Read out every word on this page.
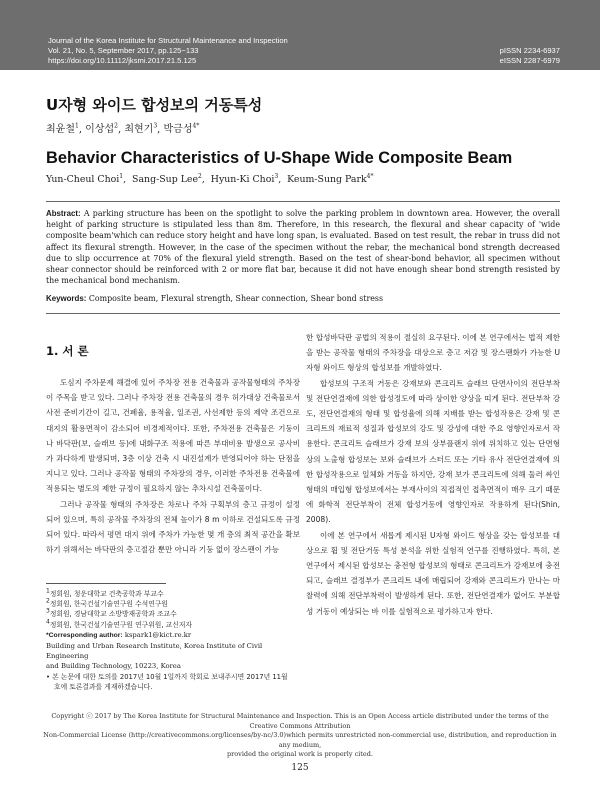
Journal of the Korea Institute for Structural Maintenance and Inspection
Vol. 21, No. 5, September 2017, pp.125~133
https://doi.org/10.11112/jksmi.2017.21.5.125
pISSN 2234-6937
eISSN 2287-6979
U자형 와이드 합성보의 거동특성
최윤철$^1$, 이상섭$^2$, 최현기$^3$, 박금성$^{4*}$
Behavior Characteristics of U-Shape Wide Composite Beam
Yun-Cheul Choi$^1$,  Sang-Sup Lee$^2$,  Hyun-Ki Choi$^3$,  Keum-Sung Park$^{4*}$
Abstract: A parking structure has been on the spotlight to solve the parking problem in downtown area. However, the overall height of parking structure is stipulated less than 8m. Therefore, in this research, the flexural and shear capacity of 'wide composite beam'which can reduce story height and have long span, is evaluated. Based on test result, the rebar in truss did not affect its flexural strength. However, in the case of the specimen without the rebar, the mechanical bond strength decreased due to slip occurrence at 70% of the flexural yield strength. Based on the test of shear-bond behavior, all specimen without shear connector should be reinforced with 2 or more flat bar, because it did not have enough shear bond strength resisted by the mechanical bond mechanism.
Keywords: Composite beam, Flexural strength, Shear connection, Shear bond stress
1. 서 론

도심지 주차문제 해결에 있어 주차장 전용 건축물과 공작물형태의 주차장이 주목을 받고 있다. 그러나 주차장 전용 건축물의 경우 허가대상 건축물로서 사전 준비기간이 길고, 건폐율, 용적율, 일조권, 사선제한 등의 제약 조건으로 대지의 활용면적이 감소되어 비경제적이다. 또한, 주차전용 건축물은 기둥이나 바닥판(보, 슬래브 등)에 내화구조 적용에 따른 부대비용 발생으로 공사비가 과다하게 발생되며, 3층 이상 건축 시 내진설계가 반영되어야 하는 단점을 지니고 있다. 그러나 공작물 형태의 주차장의 경우, 이러한 주차전용 건축물에 적용되는 별도의 제한 규정이 필요하지 않는 추차시설 건축물이다.

그러나 공작물 형태의 주차장은 차로나 주차 구획부의 층고 규정이 설정되어 있으며, 특히 공작물 주차장의 전체 높이가 8 m 이하로 건설되도록 규정되어 있다. 따라서 평면 대지 위에 주차가 가능한 몇 개 층의 최적 공간을 확보하기 위해서는 바닥판의 층고절감 뿐만 아니라 기둥 없이 장스팬이 가능

한 합성바닥판 공법의 적용이 절실히 요구된다. 이에 본 연구에서는 법적 제한을 받는 공작물 형태의 주차장을 대상으로 층고 저감 및 장스팬화가 가능한 U자형 와이드 형상의 합성보를 개발하였다.

합성보의 구조적 거동은 강재보와 콘크리트 슬래브 단면사이의 전단부착 및 전단연결재에 의한 합성정도에 따라 상이한 양상을 띠게 된다. 전단부착 강도, 전단연결재의 형태 및 합성율에 의해 지배를 받는 합성작용은 강재 및 콘크리트의 재료적 성질과 합성보의 강도 및 강성에 대한 주요 영향인자로서 작용한다. 콘크리트 슬래브가 강재 보의 상부플랜지 위에 위치하고 있는 단면형상의 노출형 합성보는 보와 슬래브가 스터드 또는 기타 유사 전단연결재에 의한 합성작용으로 일체화 거동을 하지만, 강재 보가 콘크리트에 의해 둘러 싸인 형태의 매입형 합성보에서는 부재사이의 직접적인 접촉면적이 매우 크기 때문에 화학적 전단부착이 전체 합성거동에 영향인자로 작용하게 된다(Shin, 2008).

이에 본 연구에서 새롭게 제시된 U자형 와이드 형상을 갖는 합성보를 대상으로 휨 및 전단거동 특성 분석을 위한 실험적 연구를 진행하였다. 특히, 본 연구에서 제시된 합성보는 충전형 합성보의 형태로 콘크리트가 강재보에 충전되고, 슬래브 결정부가 콘크리트 내에 매립되어 강재와 콘크리트가 만나는 마찰력에 의해 전단부착력이 발생하게 된다. 또한, 전단연결재가 없어도 부분합성 거동이 예상되는 바 이를 실험적으로 평가하고자 한다.

$^1$정회원, 청운대학교 건축공학과 부교수
$^2$정회원, 한국건설기술연구원 수석연구원
$^3$정회원, 경남대학교 소방방재공학과 조교수
$^4$정회원, 한국건설기술연구원 연구위원, 교신저자
*Corresponding author: kspark1@kict.re.kr
Building and Urban Research Institute, Korea Institute of Civil Engineering
and Building Technology, 10223, Korea
• 본 논문에 대한 토의를 2017년 10월 1일까지 학회로 보내주시면 2017년 11월
호에 토론결과를 게재하겠습니다.
Copyright ⓒ 2017 by The Korea Institute for Structural Maintenance and Inspection. This is an Open Access article distributed under the terms of the Creative Commons Attribution
Non-Commercial License (http://creativecommons.org/licenses/by-nc/3.0)which permits unrestricted non-commercial use, distribution, and reproduction in any medium,
provided the original work is properly cited.
125
